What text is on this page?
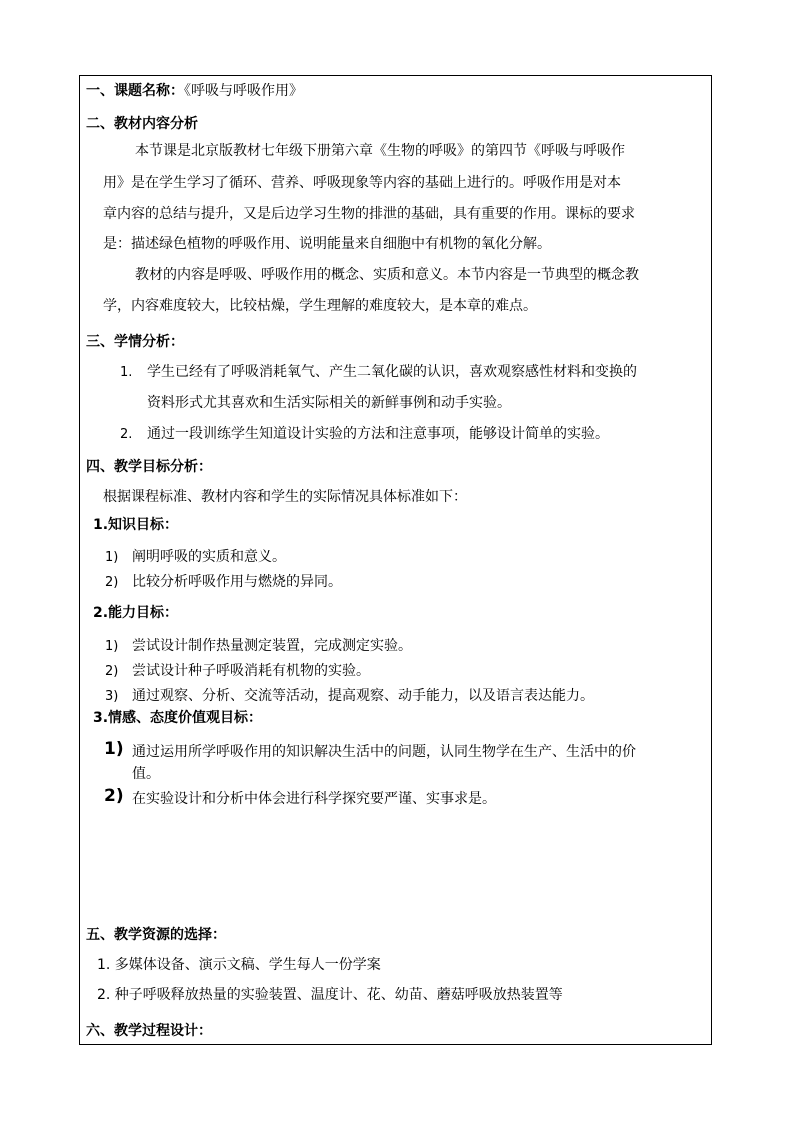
一、课题名称：《呼吸与呼吸作用》
二、教材内容分析
本节课是北京版教材七年级下册第六章《生物的呼吸》的第四节《呼吸与呼吸作
用》是在学生学习了循环、营养、呼吸现象等内容的基础上进行的。呼吸作用是对本
章内容的总结与提升，又是后边学习生物的排泄的基础，具有重要的作用。课标的要求
是：描述绿色植物的呼吸作用、说明能量来自细胞中有机物的氧化分解。
教材的内容是呼吸、呼吸作用的概念、实质和意义。本节内容是一节典型的概念教
学，内容难度较大，比较枯燥，学生理解的难度较大，是本章的难点。
三、学情分析：
1. 学生已经有了呼吸消耗氧气、产生二氧化碳的认识，喜欢观察感性材料和变换的
资料形式尤其喜欢和生活实际相关的新鲜事例和动手实验。
2. 通过一段训练学生知道设计实验的方法和注意事项，能够设计简单的实验。
四、教学目标分析：
根据课程标准、教材内容和学生的实际情况具体标准如下：
1.知识目标：
1) 阐明呼吸的实质和意义。
2) 比较分析呼吸作用与燃烧的异同。
2.能力目标：
1) 尝试设计制作热量测定装置，完成测定实验。
2) 尝试设计种子呼吸消耗有机物的实验。
3) 通过观察、分析、交流等活动，提高观察、动手能力，以及语言表达能力。
3.情感、态度价值观目标：
1) 通过运用所学呼吸作用的知识解决生活中的问题，认同生物学在生产、生活中的价
值。
2) 在实验设计和分析中体会进行科学探究要严谨、实事求是。
五、教学资源的选择：
1. 多媒体设备、演示文稿、学生每人一份学案
2. 种子呼吸释放热量的实验装置、温度计、花、幼苗、蘑菇呼吸放热装置等
六、教学过程设计：
